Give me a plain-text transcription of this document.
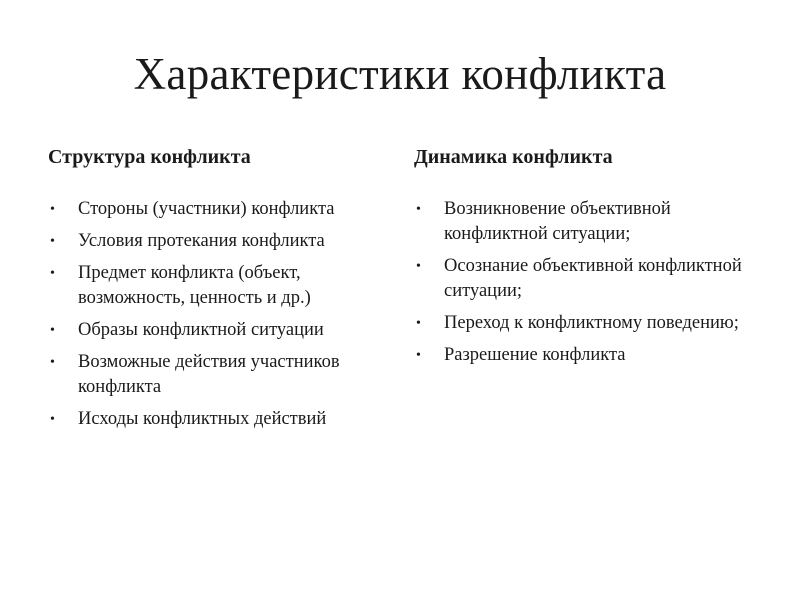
Характеристики конфликта
Структура конфликта
• Стороны (участники) конфликта
• Условия протекания конфликта
• Предмет конфликта (объект, возможность, ценность и др.)
• Образы конфликтной ситуации
• Возможные действия участников конфликта
• Исходы конфликтных действий
Динамика конфликта
• Возникновение объективной конфликтной ситуации;
• Осознание объективной конфликтной ситуации;
• Переход к конфликтному поведению;
• Разрешение конфликта
